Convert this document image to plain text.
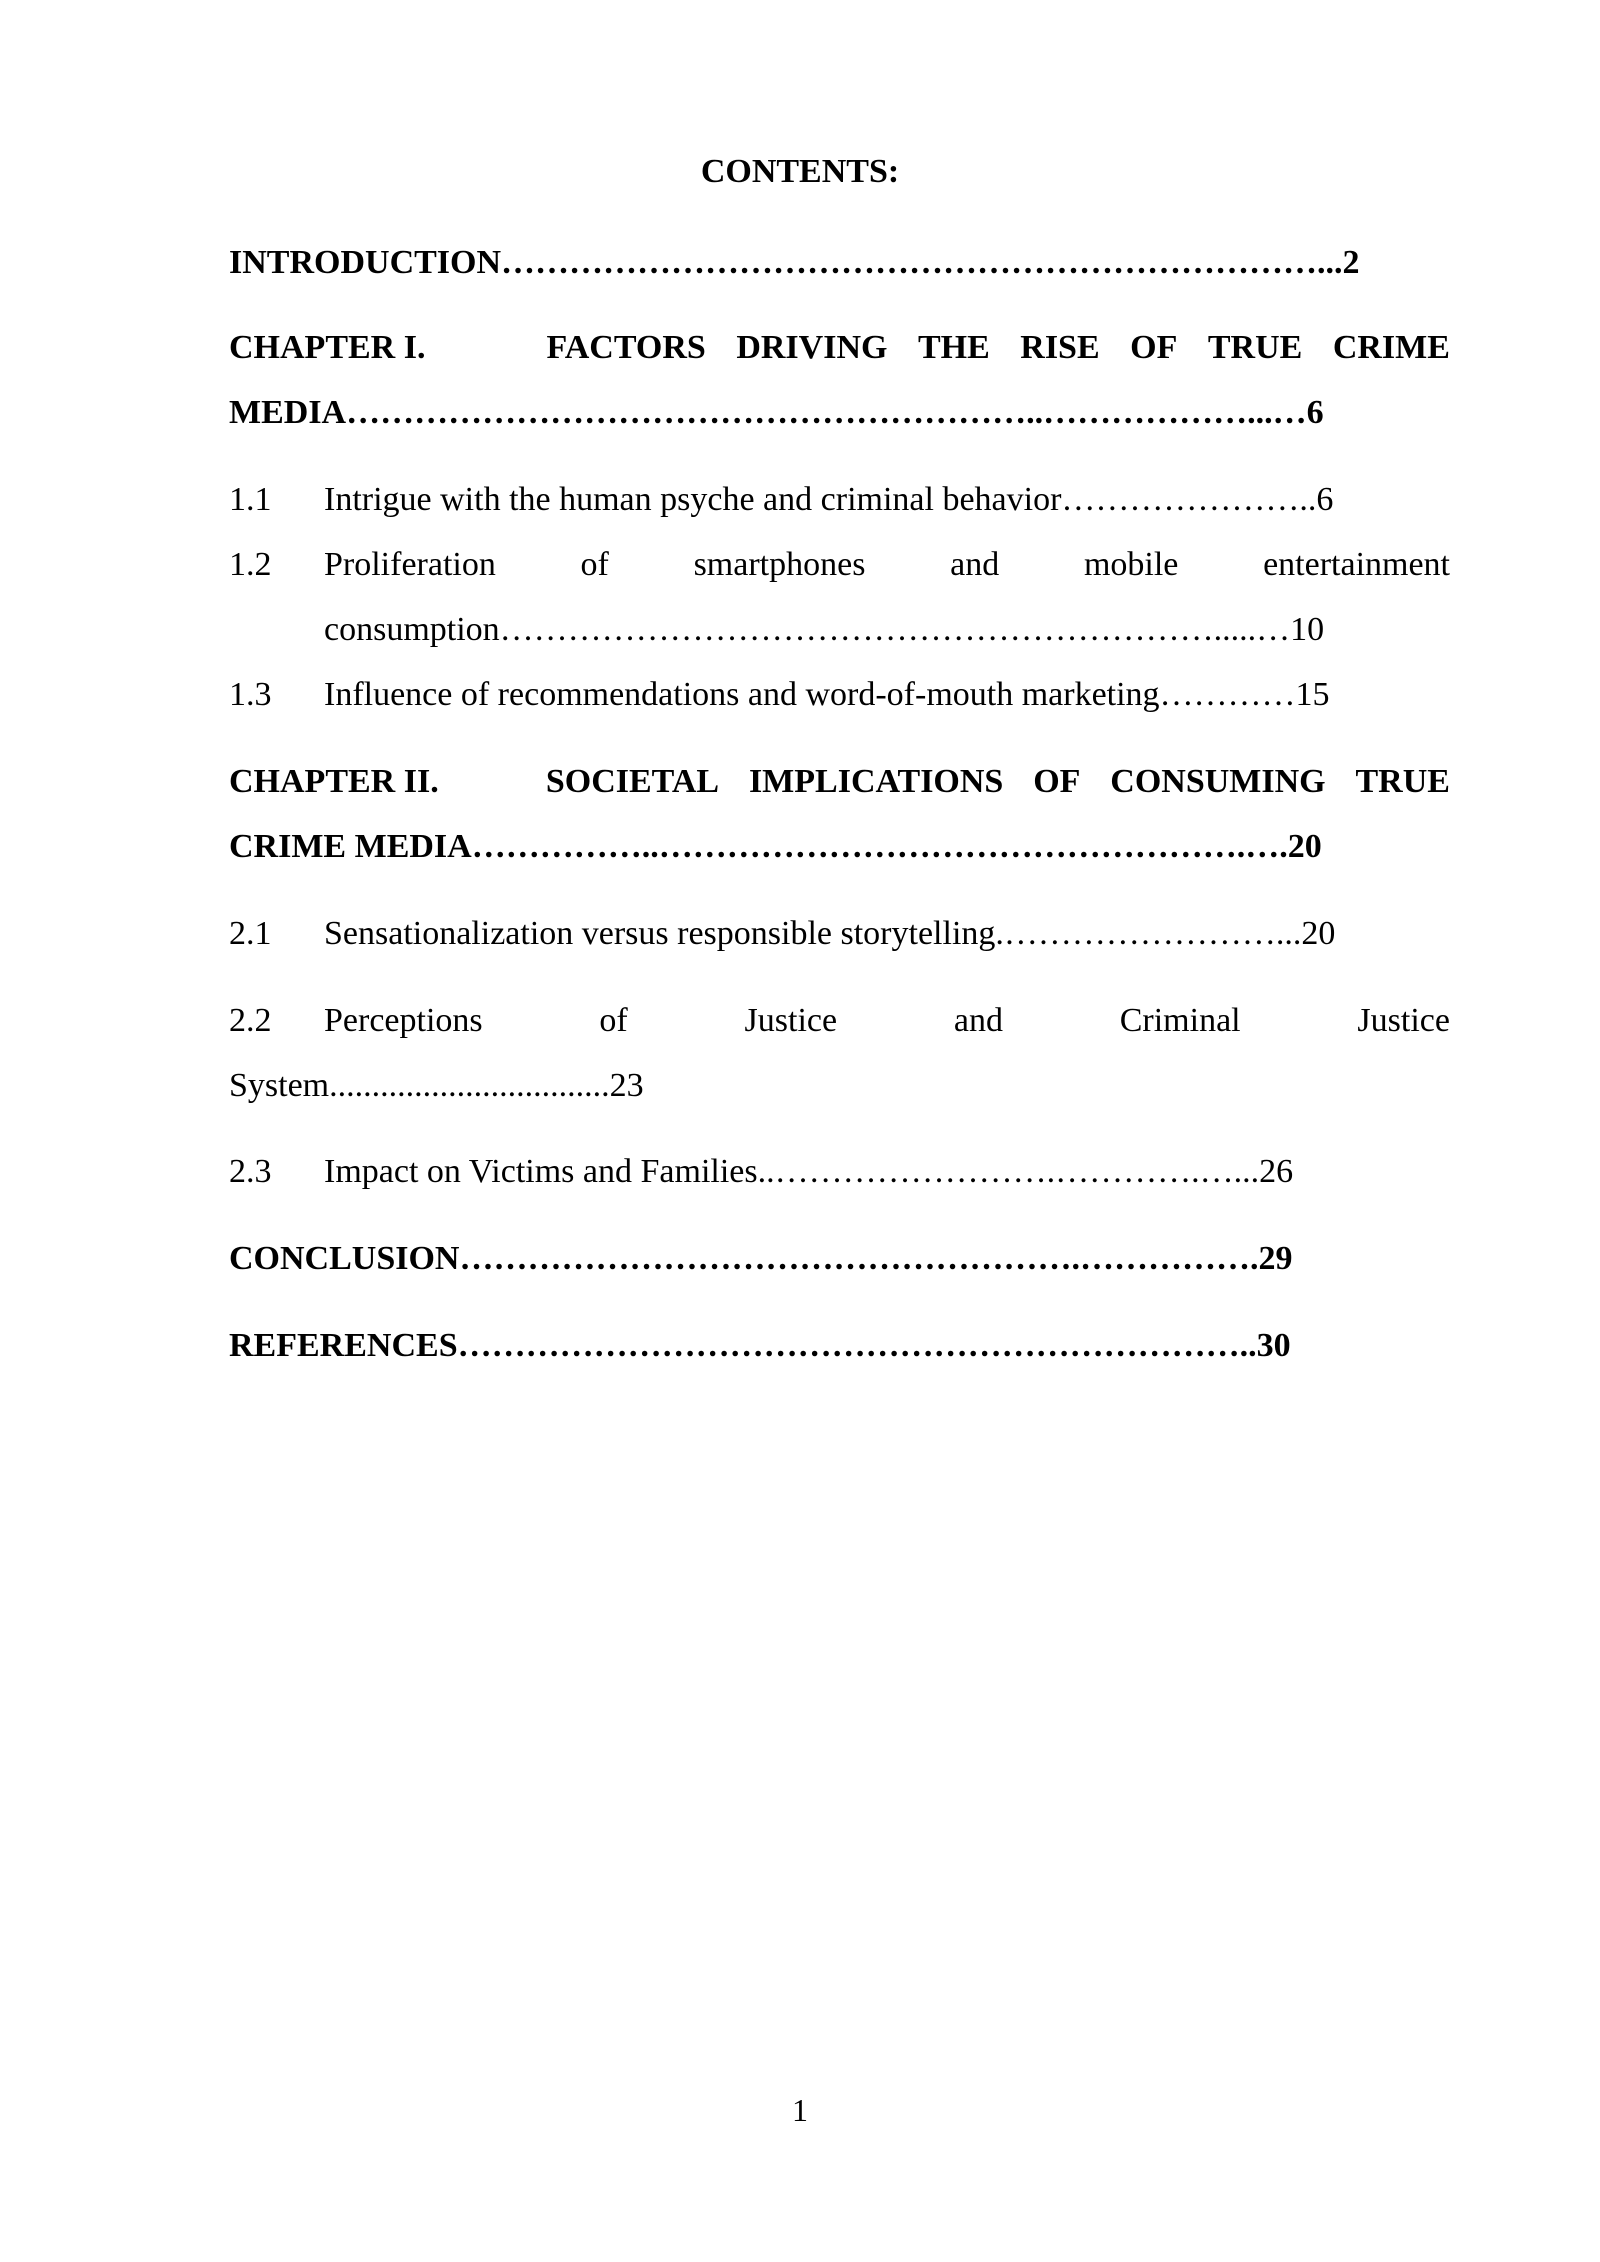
CONTENTS:
INTRODUCTION………………………………………………………………...2
CHAPTER I.	FACTORS DRIVING THE RISE OF TRUE CRIME
MEDIA……………………………………………………..………………...…6
1.1 Intrigue with the human psyche and criminal behavior…………………..6
1.2	Proliferation of smartphones and mobile entertainment
consumption……………………………………………………….....…10
1.3 Influence of recommendations and word-of-mouth marketing…………15
CHAPTER II.	SOCIETAL IMPLICATIONS OF CONSUMING TRUE
CRIME MEDIA……………..…………………………………………….….20
2.1 Sensationalization versus responsible storytelling.……………………...20
2.2	Perceptions	of	Justice	and	Criminal	Justice
System.................................23
2.3 Impact on Victims and Families..…………………….………….…...26
CONCLUSION……………………………………………….…………….29
REFERENCES……………………………………………………………..30
1
